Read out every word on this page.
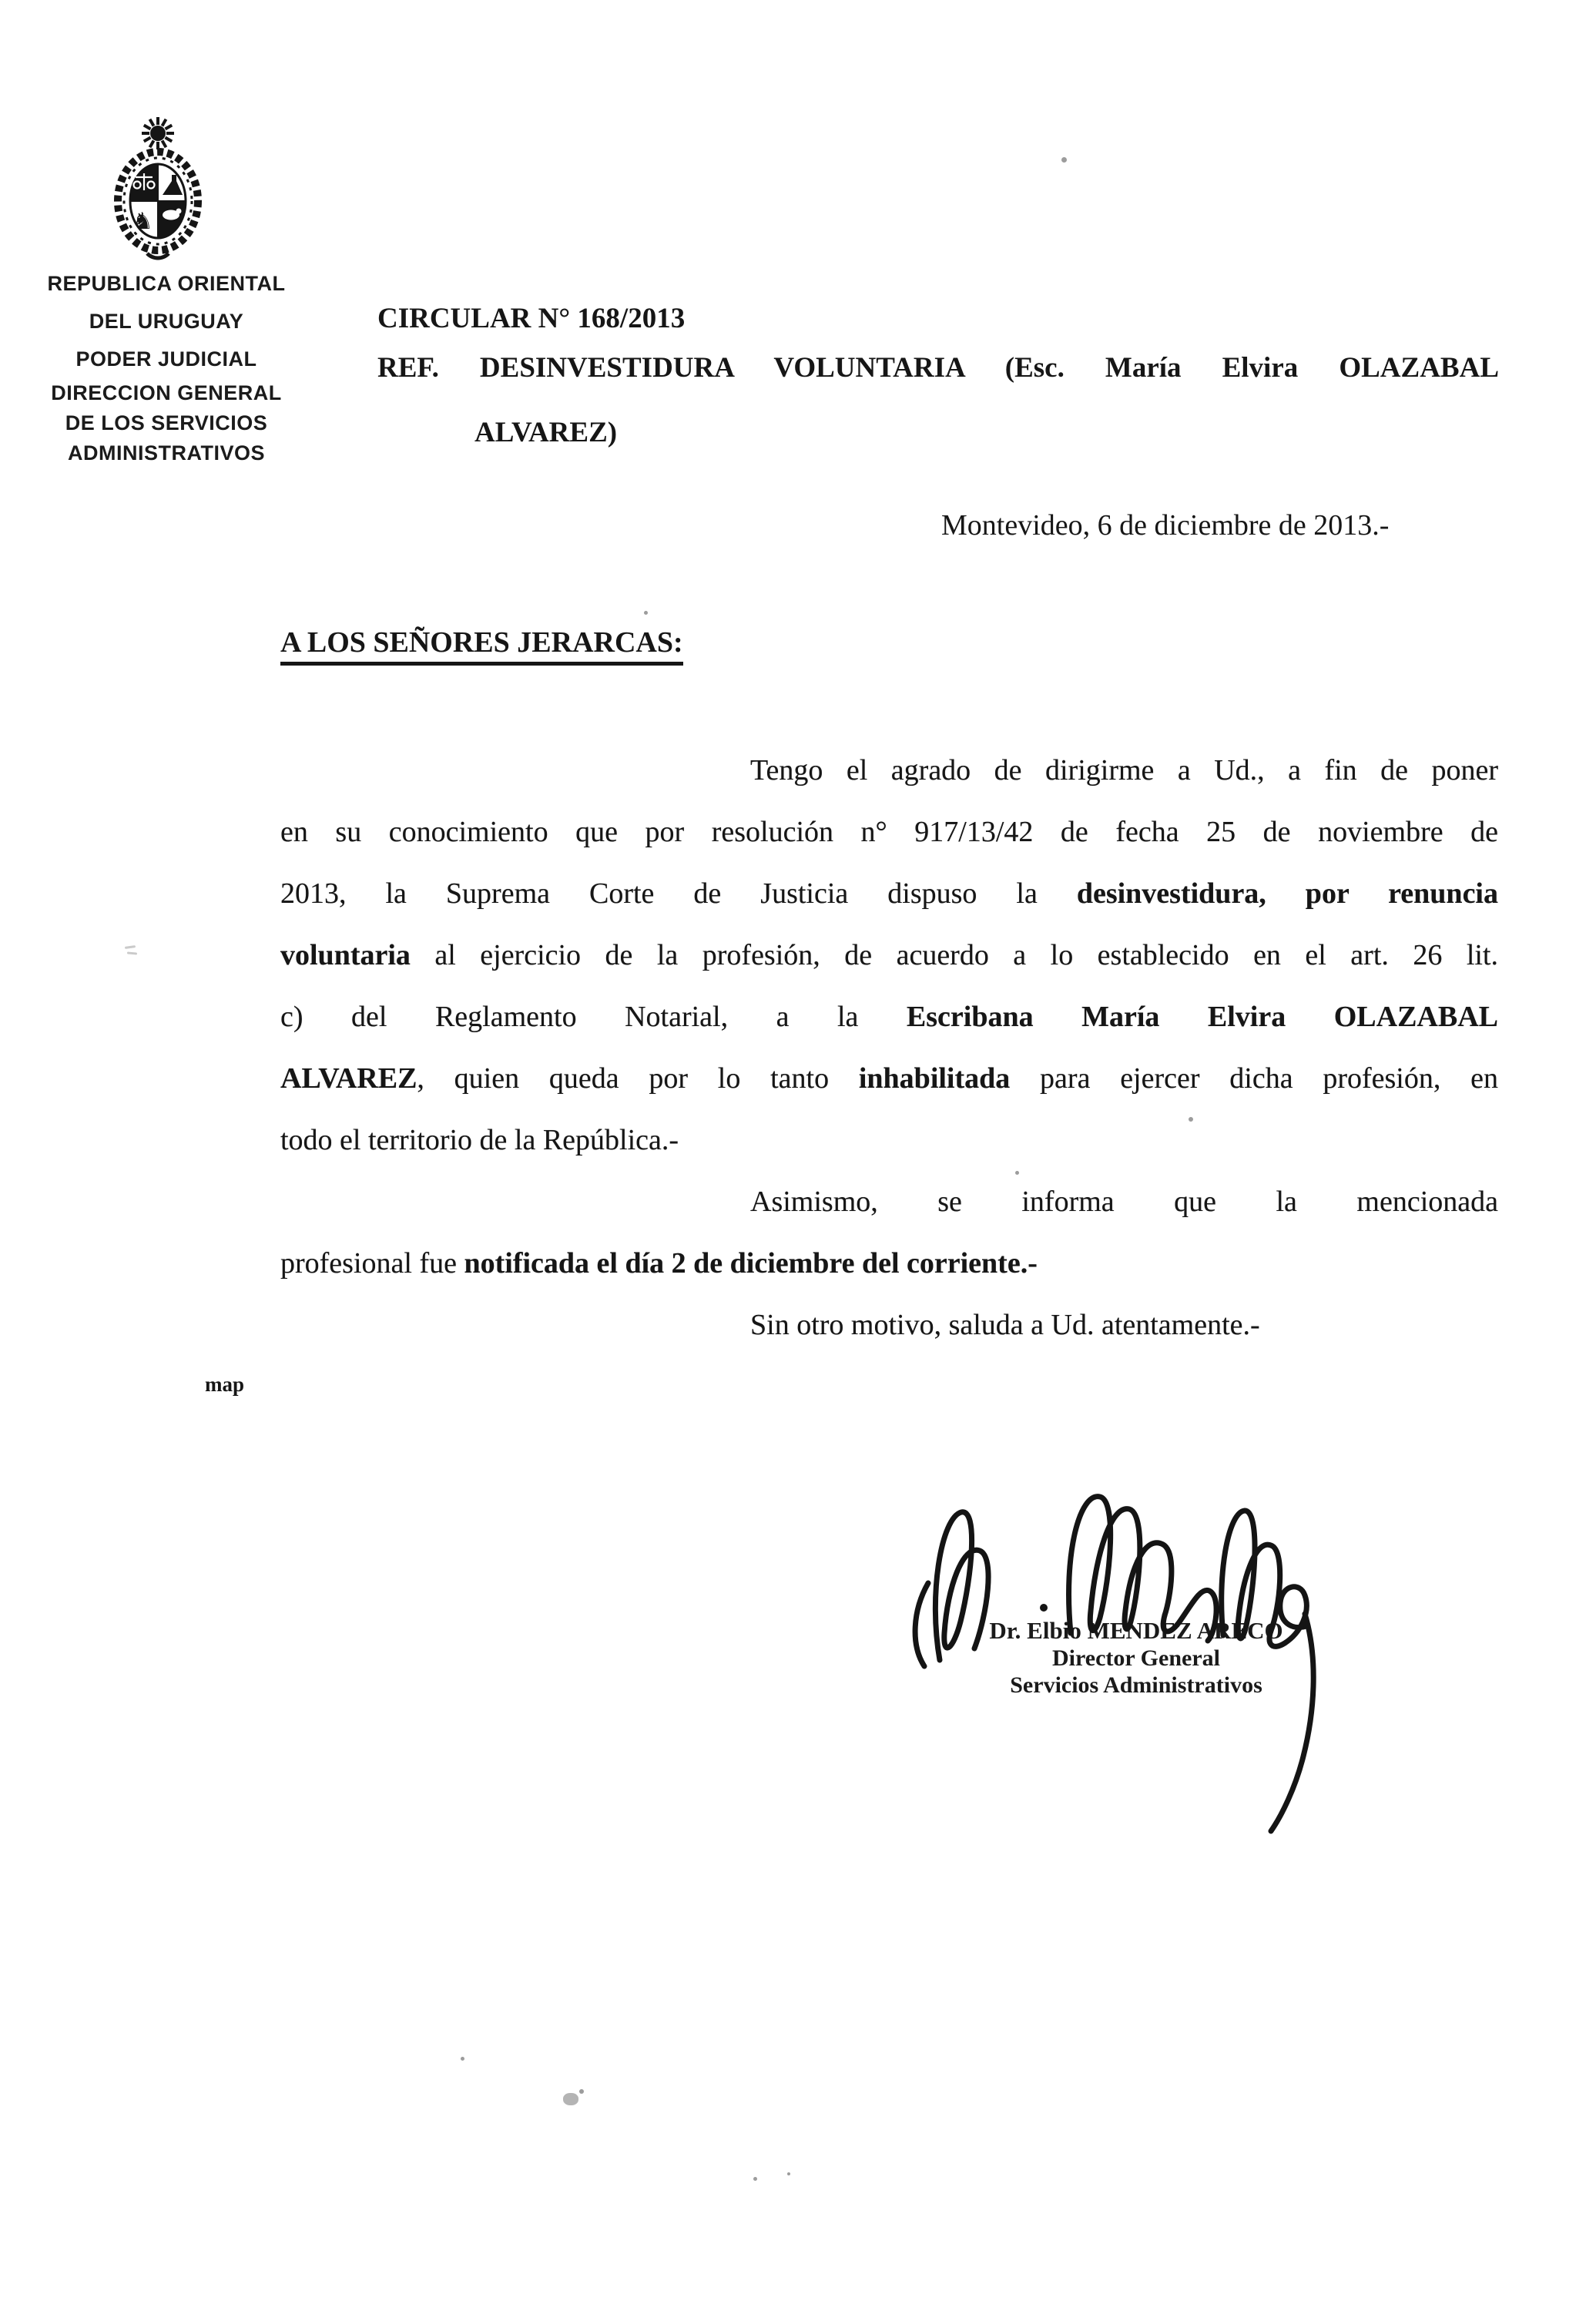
♞
REPUBLICA ORIENTAL
DEL URUGUAY
PODER JUDICIAL
DIRECCION GENERAL
DE LOS SERVICIOS
ADMINISTRATIVOS
CIRCULAR N° 168/2013
REF. DESINVESTIDURA VOLUNTARIA (Esc. María Elvira OLAZABAL
ALVAREZ)
Montevideo, 6 de diciembre de 2013.-
A LOS SEÑORES JERARCAS:
Tengo el agrado de dirigirme a Ud., a fin de poner
en su conocimiento que por resolución n° 917/13/42 de fecha 25 de noviembre de
2013, la Suprema Corte de Justicia dispuso la desinvestidura, por renuncia
voluntaria al ejercicio de la profesión, de acuerdo a lo establecido en el art. 26 lit.
c) del Reglamento Notarial, a la Escribana María Elvira OLAZABAL
ALVAREZ, quien queda por lo tanto inhabilitada para ejercer dicha profesión, en
todo el territorio de la República.-
Asimismo, se informa que la mencionada
profesional fue notificada el día 2 de diciembre del corriente.-
Sin otro motivo, saluda a Ud. atentamente.-
map
Dr. Elbio MENDEZ ARECO
Director General
Servicios Administrativos
